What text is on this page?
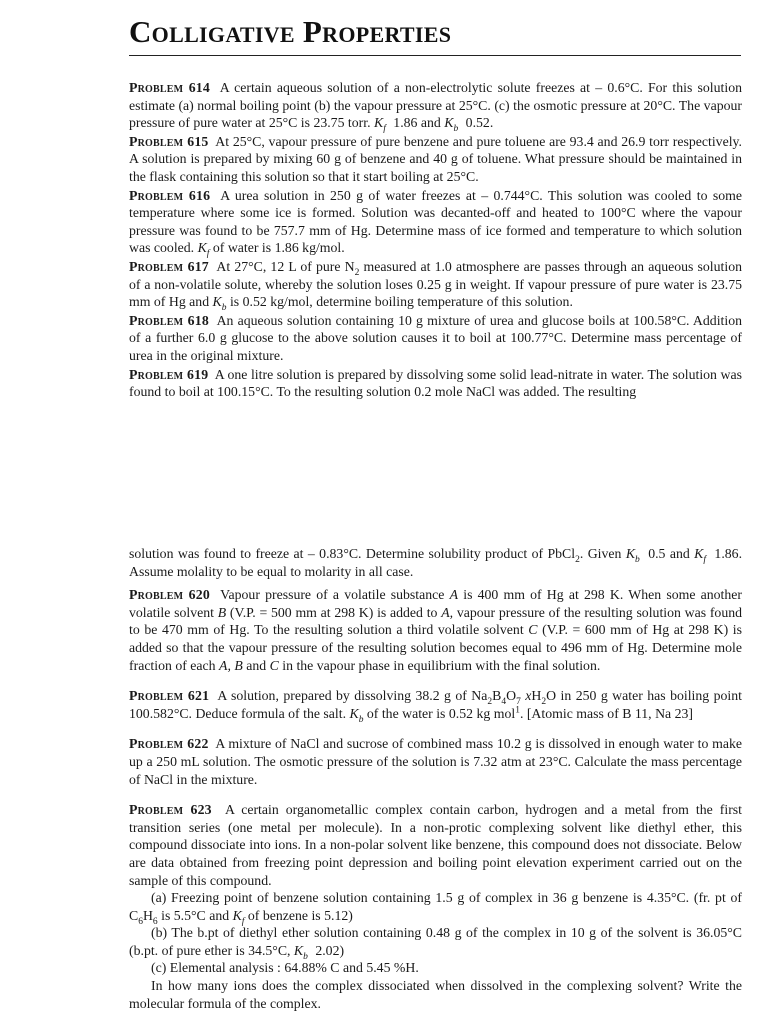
Colligative Properties

Problem 614 A certain aqueous solution of a non-electrolytic solute freezes at – 0.6°C. For this solution estimate (a) normal boiling point (b) the vapour pressure at 25°C. (c) the osmotic pressure at 20°C. The vapour pressure of pure water at 25°C is 23.75 torr. $K_f$ 1.86 and $K_b$ 0.52.

Problem 615 At 25°C, vapour pressure of pure benzene and pure toluene are 93.4 and 26.9 torr respectively. A solution is prepared by mixing 60 g of benzene and 40 g of toluene. What pressure should be maintained in the flask containing this solution so that it start boiling at 25°C.

Problem 616 A urea solution in 250 g of water freezes at – 0.744°C. This solution was cooled to some temperature where some ice is formed. Solution was decanted-off and heated to 100°C where the vapour pressure was found to be 757.7 mm of Hg. Determine mass of ice formed and temperature to which solution was cooled. $K_f$ of water is 1.86 kg/mol.

Problem 617 At 27°C, 12 L of pure $N_2$ measured at 1.0 atmosphere are passes through an aqueous solution of a non-volatile solute, whereby the solution loses 0.25 g in weight. If vapour pressure of pure water is 23.75 mm of Hg and $K_b$ is 0.52 kg/mol, determine boiling temperature of this solution.

Problem 618 An aqueous solution containing 10 g mixture of urea and glucose boils at 100.58°C. Addition of a further 6.0 g glucose to the above solution causes it to boil at 100.77°C. Determine mass percentage of urea in the original mixture.

Problem 619 A one litre solution is prepared by dissolving some solid lead-nitrate in water. The solution was found to boil at 100.15°C. To the resulting solution 0.2 mole NaCl was added. The resulting

solution was found to freeze at – 0.83°C. Determine solubility product of PbCl$_2$. Given $K_b$ 0.5 and $K_f$ 1.86. Assume molality to be equal to molarity in all case.

Problem 620 Vapour pressure of a volatile substance A is 400 mm of Hg at 298 K. When some another volatile solvent B (V.P. = 500 mm at 298 K) is added to A, vapour pressure of the resulting solution was found to be 470 mm of Hg. To the resulting solution a third volatile solvent C (V.P. = 600 mm of Hg at 298 K) is added so that the vapour pressure of the resulting solution becomes equal to 496 mm of Hg. Determine mole fraction of each A, B and C in the vapour phase in equilibrium with the final solution.

Problem 621 A solution, prepared by dissolving 38.2 g of $Na_2B_4O_7$ $xH_2O$ in 250 g water has boiling point 100.582°C. Deduce formula of the salt. $K_b$ of the water is 0.52 kg mol$^1$. [Atomic mass of B 11, Na 23]

Problem 622 A mixture of NaCl and sucrose of combined mass 10.2 g is dissolved in enough water to make up a 250 mL solution. The osmotic pressure of the solution is 7.32 atm at 23°C. Calculate the mass percentage of NaCl in the mixture.

Problem 623 A certain organometallic complex contain carbon, hydrogen and a metal from the first transition series (one metal per molecule). In a non-protic complexing solvent like diethyl ether, this compound dissociate into ions. In a non-polar solvent like benzene, this compound does not dissociate. Below are data obtained from freezing point depression and boiling point elevation experiment carried out on the sample of this compound.

(a) Freezing point of benzene solution containing 1.5 g of complex in 36 g benzene is 4.35°C. (fr. pt of $C_6H_6$ is 5.5°C and $K_f$ of benzene is 5.12)

(b) The b.pt of diethyl ether solution containing 0.48 g of the complex in 10 g of the solvent is 36.05°C (b.pt. of pure ether is 34.5°C, $K_b$ 2.02)

(c) Elemental analysis : 64.88% C and 5.45 %H.

In how many ions does the complex dissociated when dissolved in the complexing solvent? Write the molecular formula of the complex.
